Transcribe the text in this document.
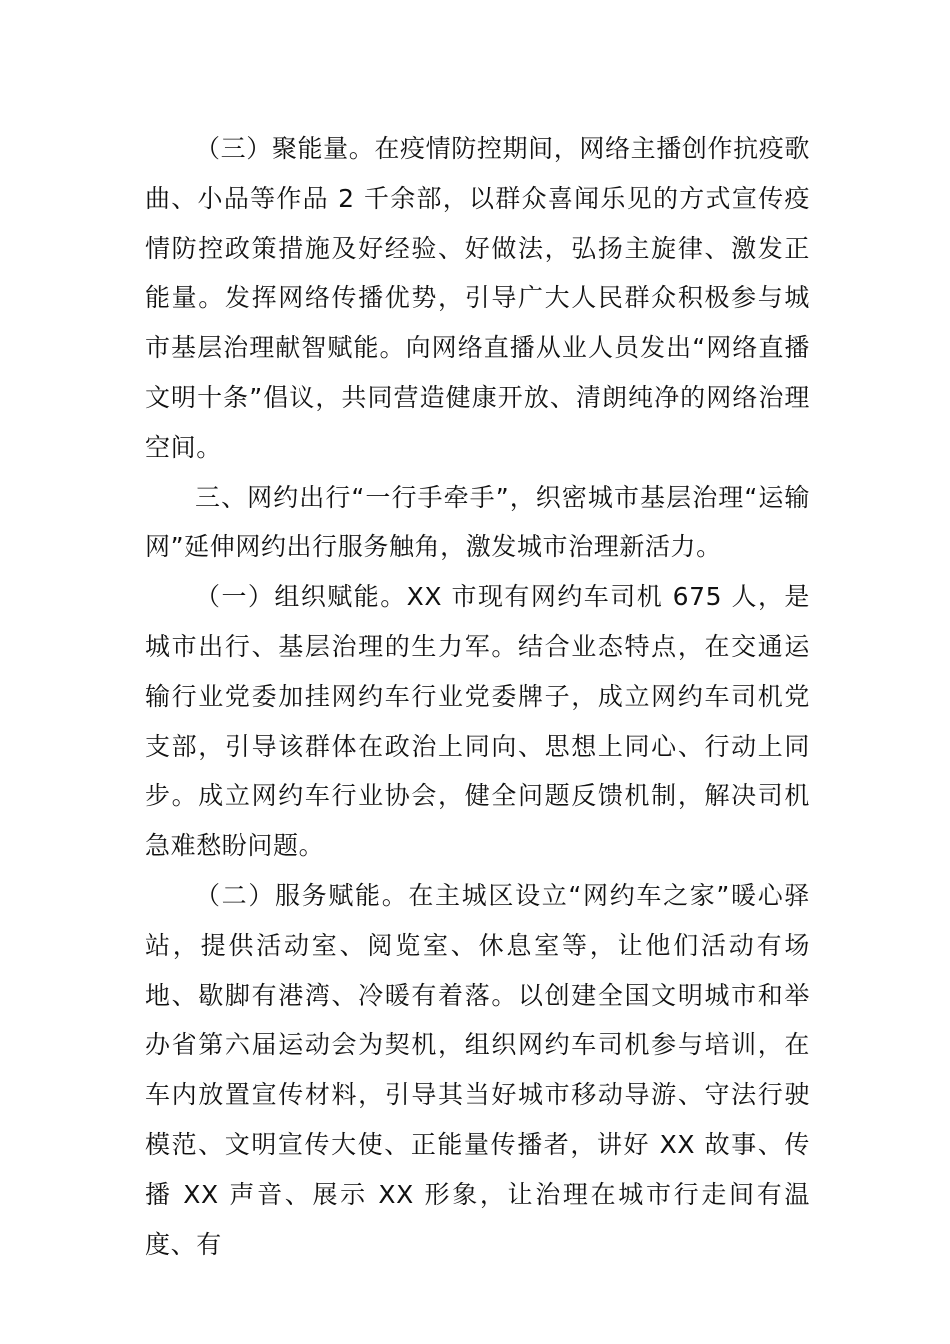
（三）聚能量。在疫情防控期间，网络主播创作抗疫歌曲、小品等作品 2 千余部，以群众喜闻乐见的方式宣传疫情防控政策措施及好经验、好做法，弘扬主旋律、激发正能量。发挥网络传播优势，引导广大人民群众积极参与城市基层治理献智赋能。向网络直播从业人员发出“网络直播文明十条”倡议，共同营造健康开放、清朗纯净的网络治理空间。

三、网约出行“一行手牵手”，织密城市基层治理“运输网”延伸网约出行服务触角，激发城市治理新活力。

（一）组织赋能。XX 市现有网约车司机 675 人，是城市出行、基层治理的生力军。结合业态特点，在交通运输行业党委加挂网约车行业党委牌子，成立网约车司机党支部，引导该群体在政治上同向、思想上同心、行动上同步。成立网约车行业协会，健全问题反馈机制，解决司机急难愁盼问题。

（二）服务赋能。在主城区设立“网约车之家”暖心驿站，提供活动室、阅览室、休息室等，让他们活动有场地、歇脚有港湾、冷暖有着落。以创建全国文明城市和举办省第六届运动会为契机，组织网约车司机参与培训，在车内放置宣传材料，引导其当好城市移动导游、守法行驶模范、文明宣传大使、正能量传播者，讲好 XX 故事、传播 XX 声音、展示 XX 形象，让治理在城市行走间有温度、有
